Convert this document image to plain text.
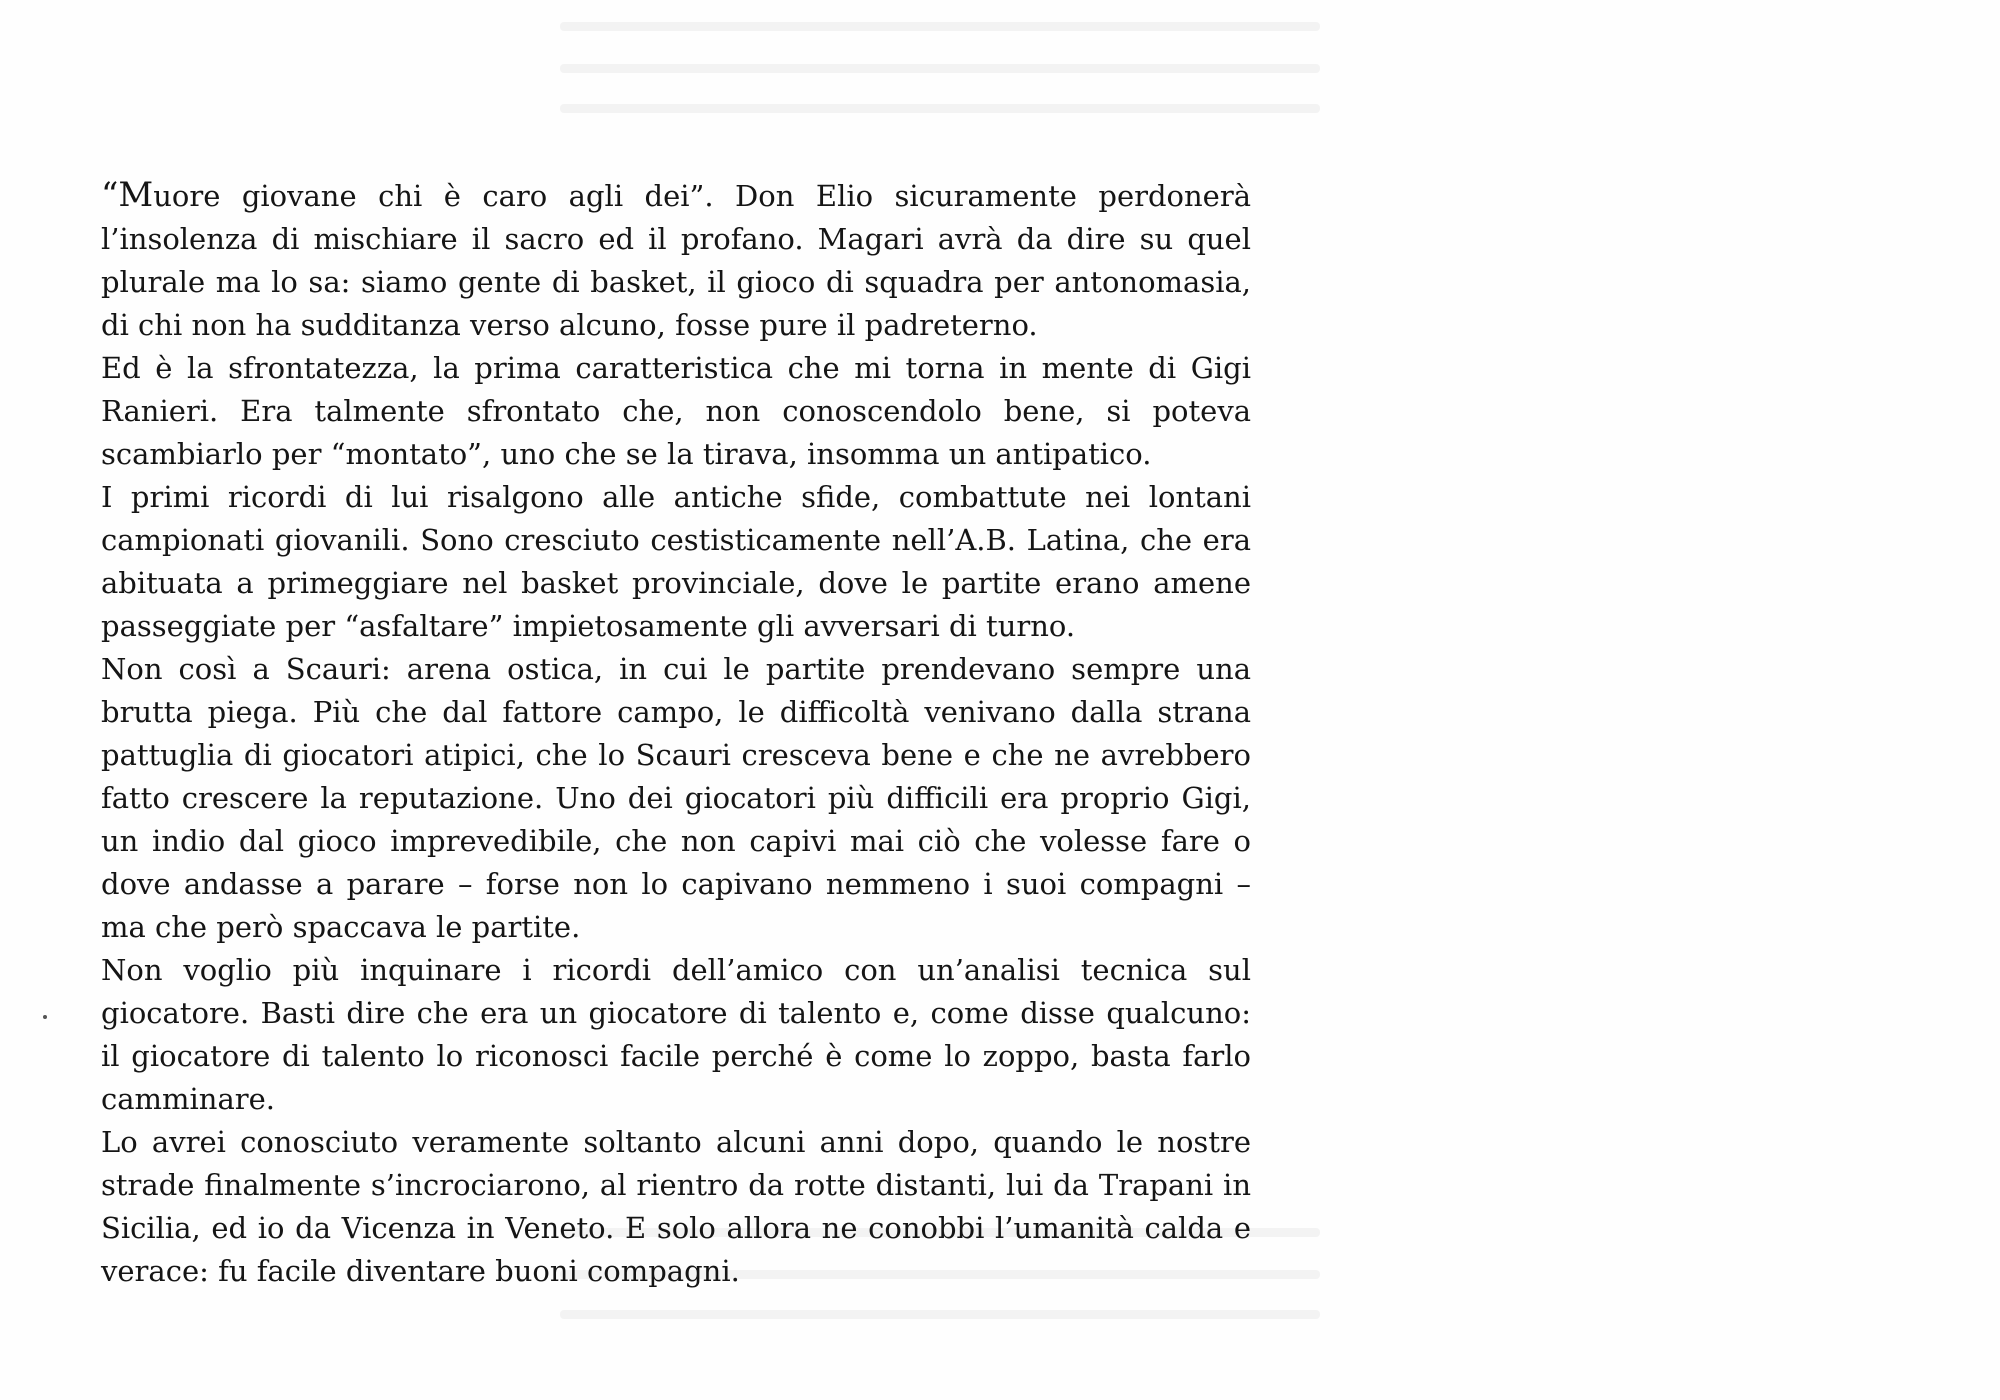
“Muore giovane chi è caro agli dei”. Don Elio sicuramente perdonerà l’insolenza di mischiare il sacro ed il profano. Magari avrà da dire su quel plurale ma lo sa: siamo gente di basket, il gioco di squadra per antonomasia, di chi non ha sudditanza verso alcuno, fosse pure il padreterno.

Ed è la sfrontatezza, la prima caratteristica che mi torna in mente di Gigi Ranieri. Era talmente sfrontato che, non conoscendolo bene, si poteva scambiarlo per “montato”, uno che se la tirava, insomma un antipatico.

I primi ricordi di lui risalgono alle antiche sfide, combattute nei lontani campionati giovanili. Sono cresciuto cestisticamente nell’A.B. Latina, che era abituata a primeggiare nel basket provinciale, dove le partite erano amene passeggiate per “asfaltare” impietosamente gli avversari di turno.

Non così a Scauri: arena ostica, in cui le partite prendevano sempre una brutta piega. Più che dal fattore campo, le difficoltà venivano dalla strana pattuglia di giocatori atipici, che lo Scauri cresceva bene e che ne avrebbero fatto crescere la reputazione. Uno dei giocatori più difficili era proprio Gigi, un indio dal gioco imprevedibile, che non capivi mai ciò che volesse fare o dove andasse a parare – forse non lo capivano nemmeno i suoi compagni – ma che però spaccava le partite.

Non voglio più inquinare i ricordi dell’amico con un’analisi tecnica sul giocatore. Basti dire che era un giocatore di talento e, come disse qualcuno: il giocatore di talento lo riconosci facile perché è come lo zoppo, basta farlo camminare.

Lo avrei conosciuto veramente soltanto alcuni anni dopo, quando le nostre strade finalmente s’incrociarono, al rientro da rotte distanti, lui da Trapani in Sicilia, ed io da Vicenza in Veneto. E solo allora ne conobbi l’umanità calda e verace: fu facile diventare buoni compagni.
